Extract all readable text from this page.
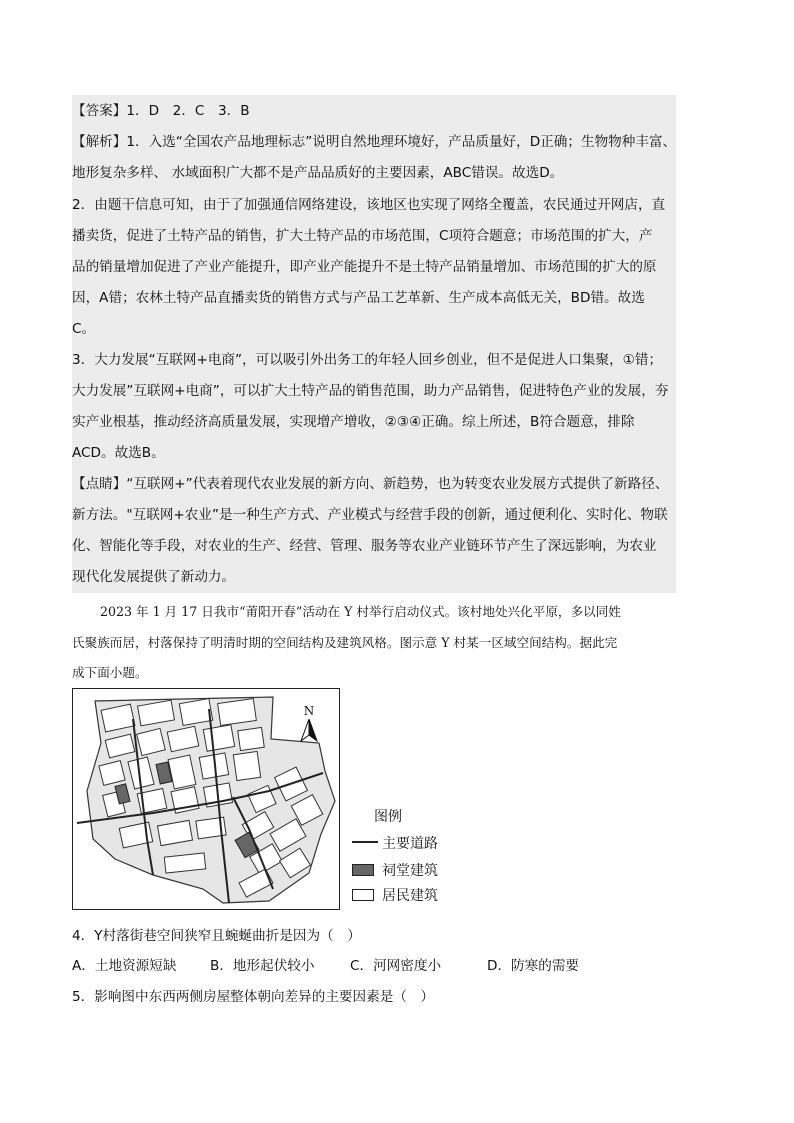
【答案】1．D　2．C　3．B
【解析】1．入选“全国农产品地理标志”说明自然地理环境好，产品质量好，D正确；生物物种丰富、
地形复杂多样、 水域面积广大都不是产品品质好的主要因素，ABC错误。故选D。
2．由题干信息可知，由于了加强通信网络建设，该地区也实现了网络全覆盖，农民通过开网店，直
播卖货，促进了土特产品的销售，扩大土特产品的市场范围，C项符合题意；市场范围的扩大，产
品的销量增加促进了产业产能提升，即产业产能提升不是土特产品销量增加、市场范围的扩大的原
因，A错；农林土特产品直播卖货的销售方式与产品工艺革新、生产成本高低无关，BD错。故选
C。
3．大力发展“互联网+电商”，可以吸引外出务工的年轻人回乡创业，但不是促进人口集聚，①错；
大力发展”互联网+电商”，可以扩大土特产品的销售范围，助力产品销售，促进特色产业的发展，夯
实产业根基，推动经济高质量发展，实现增产增收，②③④正确。综上所述，B符合题意，排除
ACD。故选B。
【点睛】“互联网+”代表着现代农业发展的新方向、新趋势，也为转变农业发展方式提供了新路径、
新方法。"互联网+农业”是一种生产方式、产业模式与经营手段的创新，通过便利化、实时化、物联
化、智能化等手段，对农业的生产、经营、管理、服务等农业产业链环节产生了深远影响，为农业
现代化发展提供了新动力。
2023 年 1 月 17 日我市“莆阳开春”活动在 Y 村举行启动仪式。该村地处兴化平原，多以同姓
氏聚族而居，村落保持了明清时期的空间结构及建筑风格。图示意 Y 村某一区域空间结构。据此完
成下面小题。
N
图例
主要道路
祠堂建筑
居民建筑
4．Y村落街巷空间狭窄且蜿蜒曲折是因为（　）
A．土地资源短缺 B．地形起伏较小	C．河网密度小	D．防寒的需要
5．影响图中东西两侧房屋整体朝向差异的主要因素是（　）
